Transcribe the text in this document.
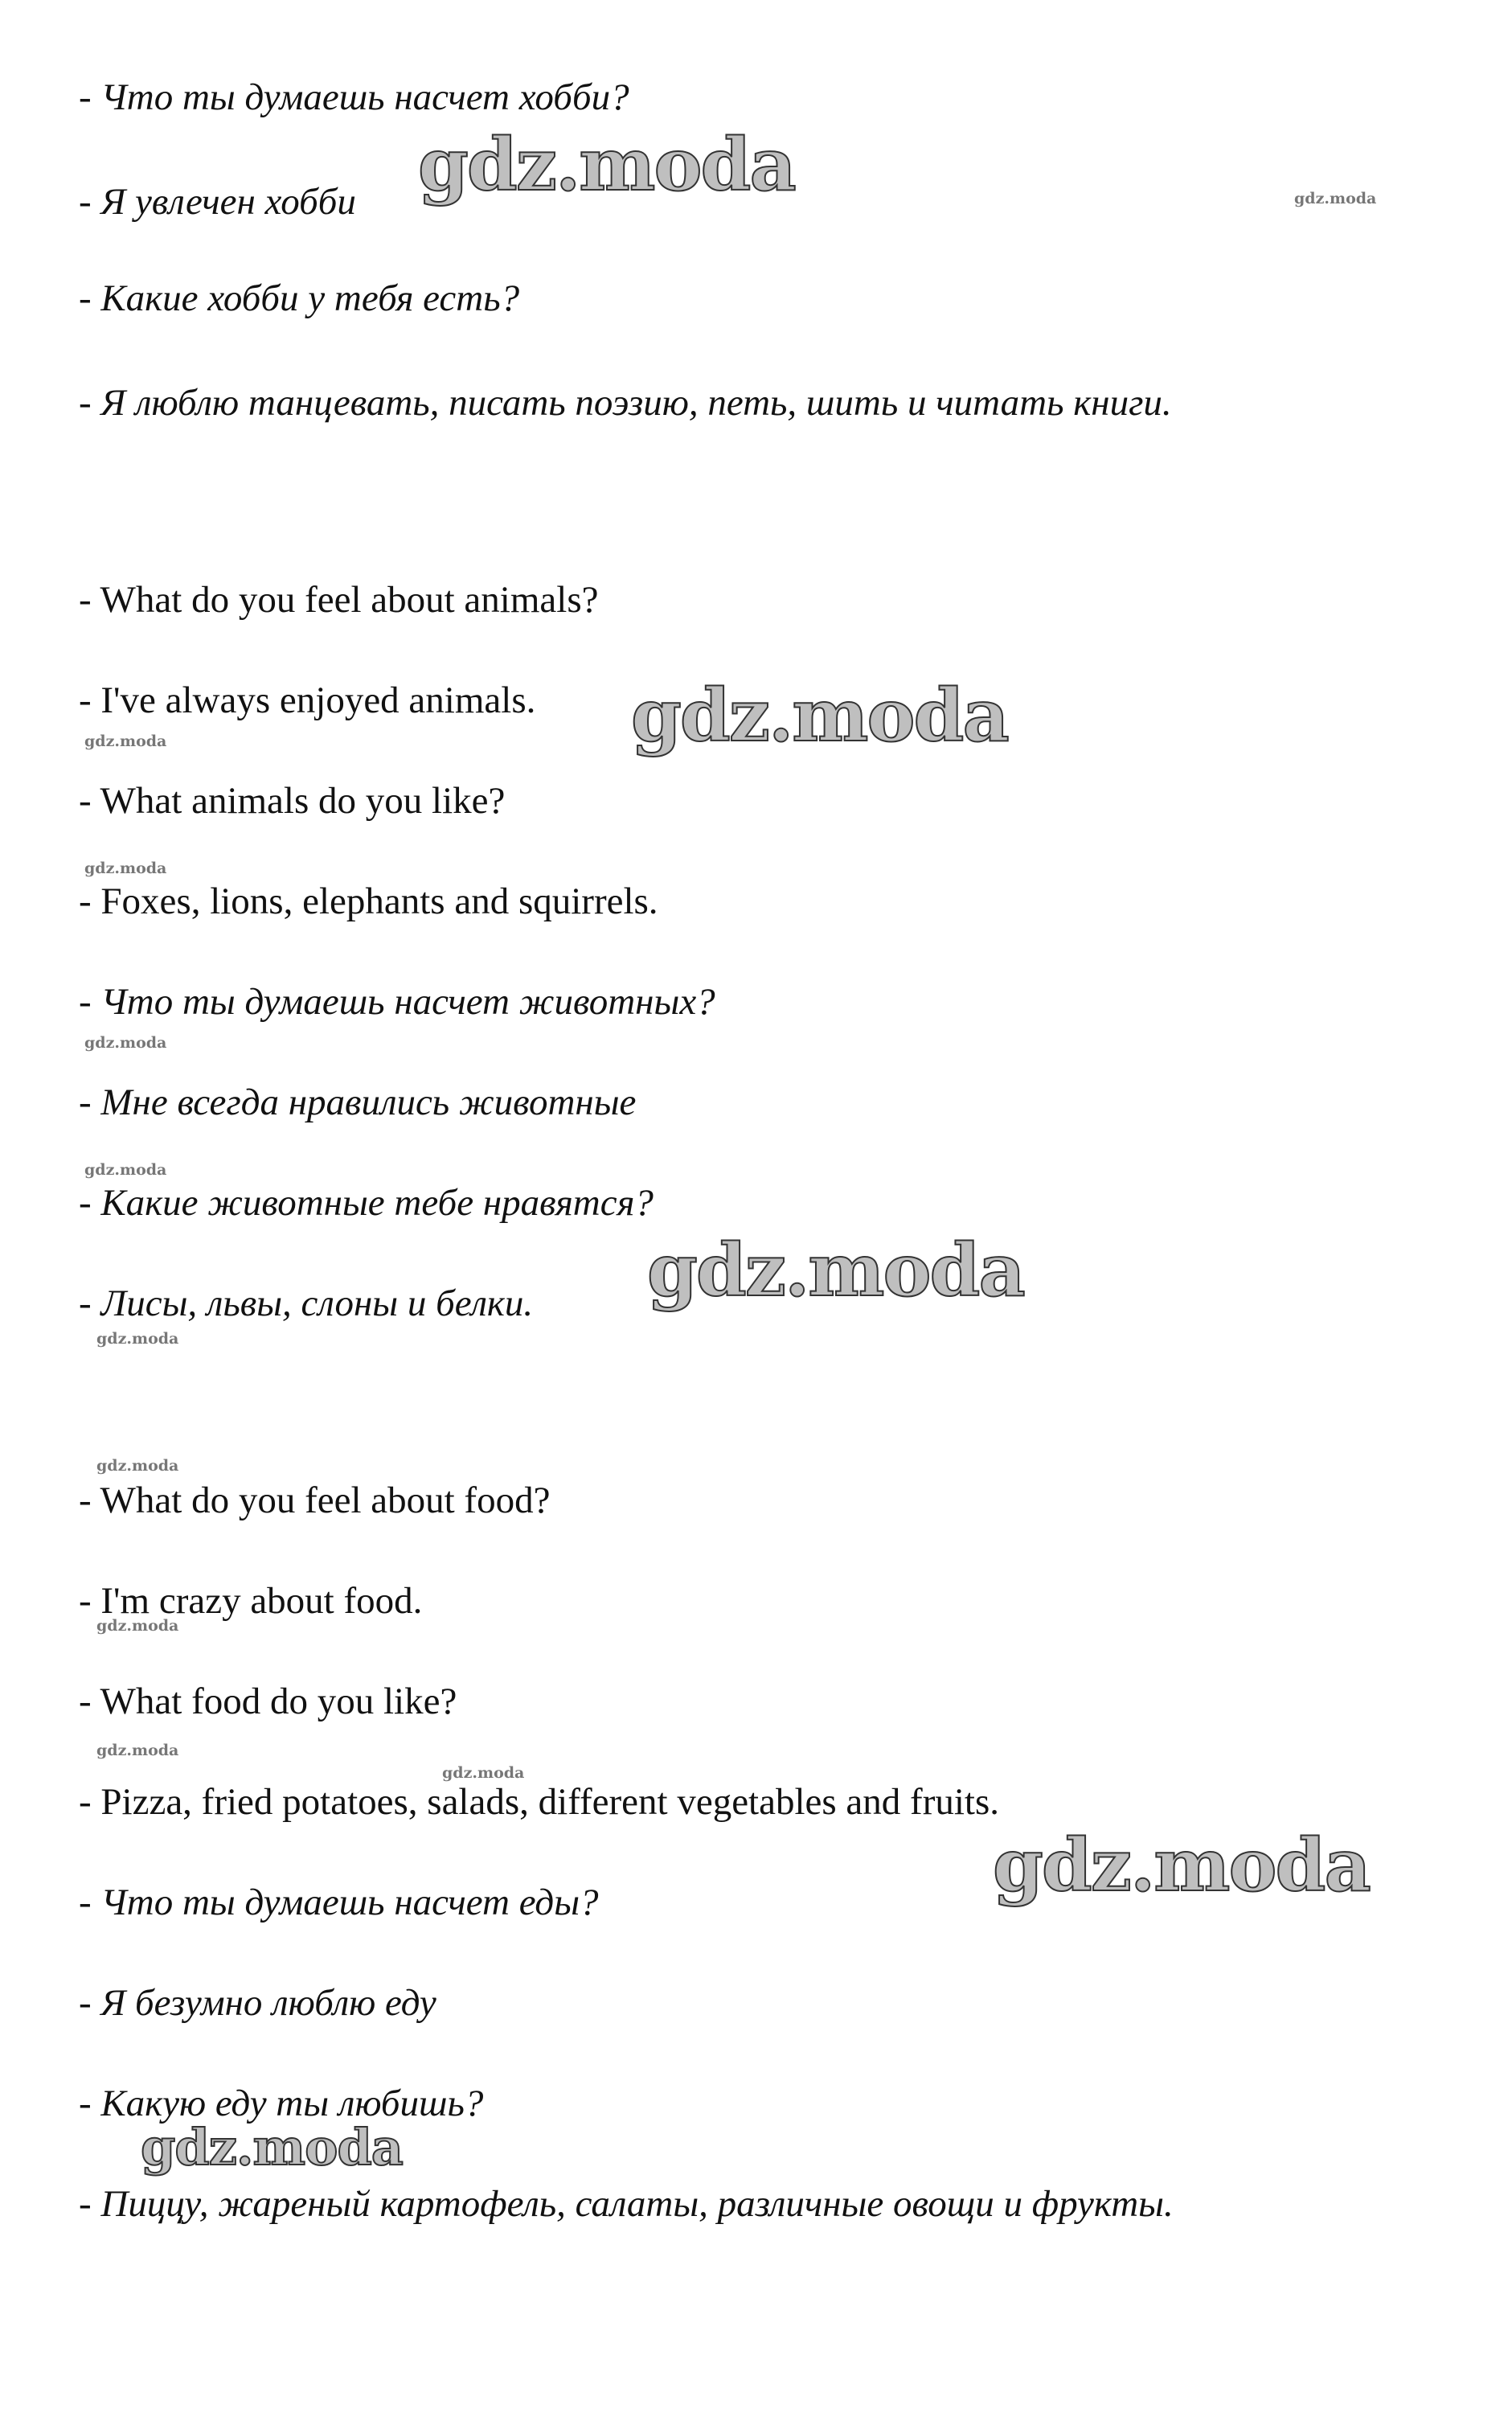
- Что ты думаешь насчет хобби?
- Я увлечен хобби
- Какие хобби у тебя есть?
- Я люблю танцевать, писать поэзию, петь, шить и читать книги.
- What do you feel about animals?
- I've always enjoyed animals.
- What animals do you like?
- Foxes, lions, elephants and squirrels.
- Что ты думаешь насчет животных?
- Мне всегда нравились животные
- Какие животные тебе нравятся?
- Лисы, львы, слоны и белки.
- What do you feel about food?
- I'm crazy about food.
- What food do you like?
- Pizza, fried potatoes, salads, different vegetables and fruits.
- Что ты думаешь насчет еды?
- Я безумно люблю еду
- Какую еду ты любишь?
- Пиццу, жареный картофель, салаты, различные овощи и фрукты.
gdz.moda
gdz.moda
gdz.moda
gdz.moda
gdz.moda
gdz.moda
gdz.moda
gdz.moda
gdz.moda
gdz.moda
gdz.moda
gdz.moda
gdz.moda
gdz.moda
gdz.moda
